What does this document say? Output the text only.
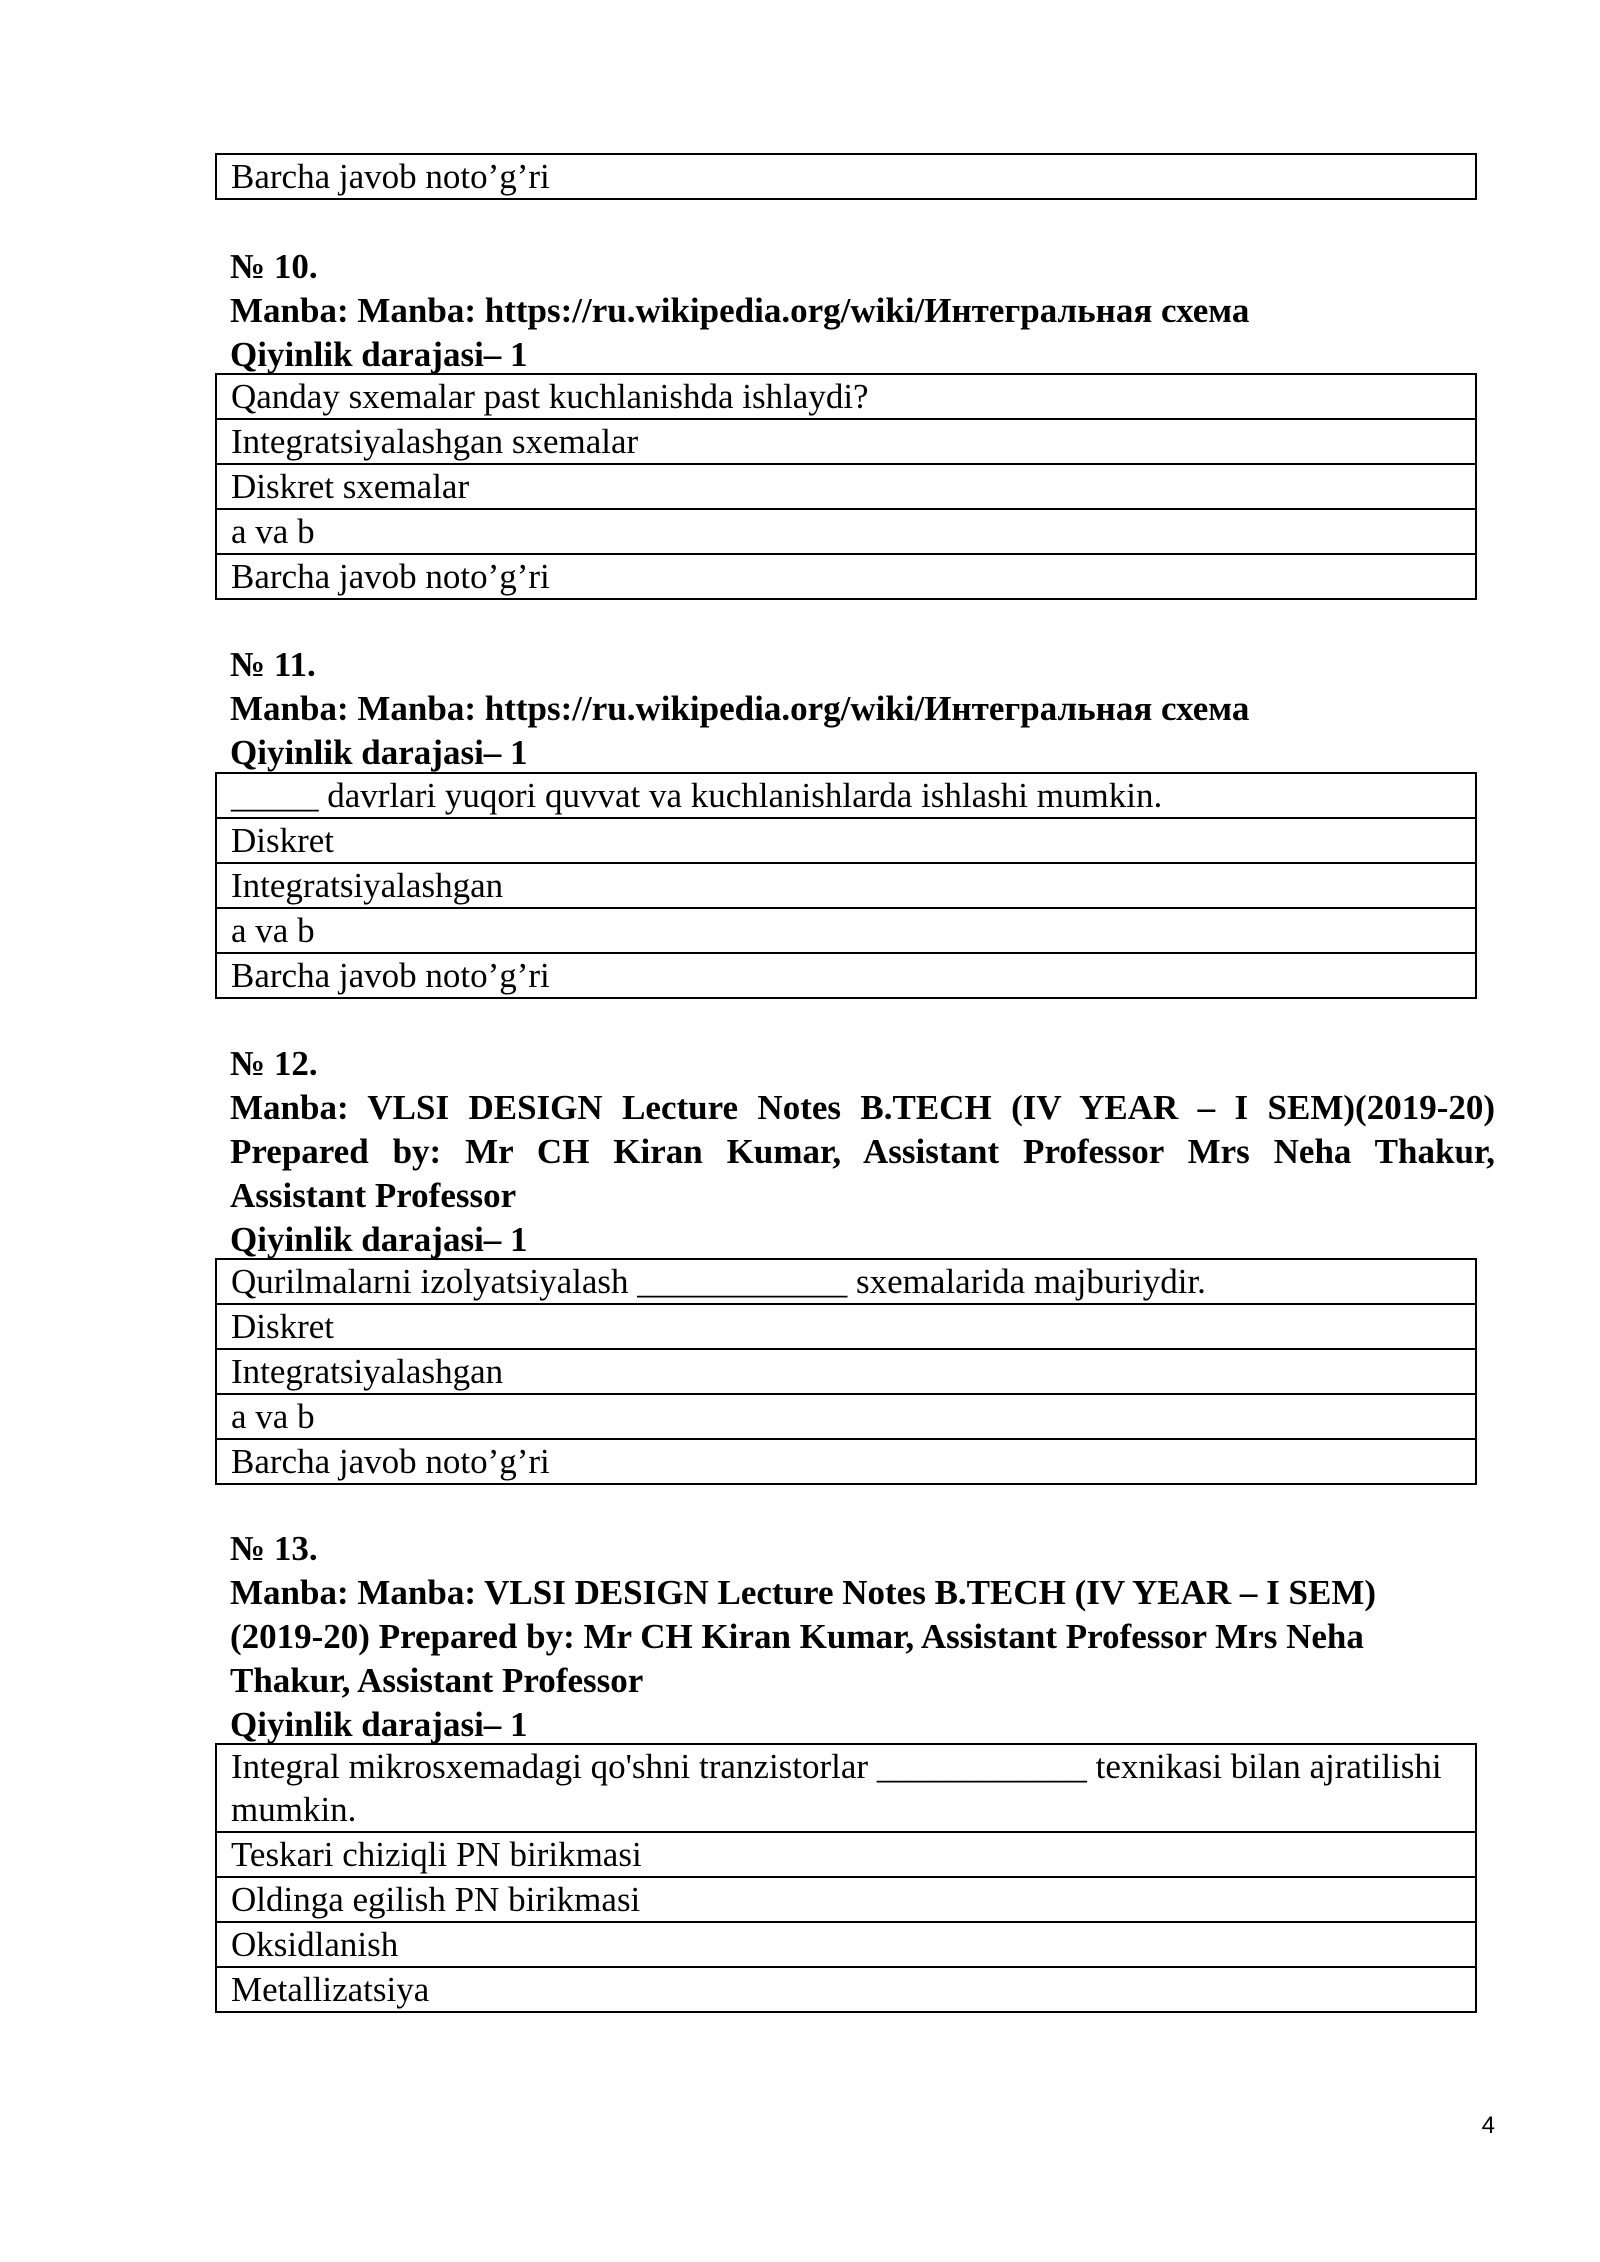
Barcha javob noto’g’ri
№ 10.
Manba: Manba: https://ru.wikipedia.org/wiki/Интегральная схема
Qiyinlik darajasi– 1
Qanday sxemalar past kuchlanishda ishlaydi?
Integratsiyalashgan sxemalar
Diskret sxemalar
a va b
Barcha javob noto’g’ri
№ 11.
Manba: Manba: https://ru.wikipedia.org/wiki/Интегральная схема
Qiyinlik darajasi– 1
_____ davrlari yuqori quvvat va kuchlanishlarda ishlashi mumkin.
Diskret
Integratsiyalashgan
a va b
Barcha javob noto’g’ri
№ 12.
Manba: VLSI DESIGN Lecture Notes B.TECH (IV YEAR – I SEM)(2019-20)
Prepared by: Mr CH Kiran Kumar, Assistant Professor Mrs Neha Thakur,
Assistant Professor
Qiyinlik darajasi– 1
Qurilmalarni izolyatsiyalash ____________ sxemalarida majburiydir.
Diskret
Integratsiyalashgan
a va b
Barcha javob noto’g’ri
№ 13.
Manba: Manba: VLSI DESIGN Lecture Notes B.TECH (IV YEAR – I SEM)
(2019-20) Prepared by: Mr CH Kiran Kumar, Assistant Professor Mrs Neha
Thakur, Assistant Professor
Qiyinlik darajasi– 1
Integral mikrosxemadagi qo'shni tranzistorlar ____________ texnikasi bilan ajratilishi mumkin.
Teskari chiziqli PN birikmasi
Oldinga egilish PN birikmasi
Oksidlanish
Metallizatsiya
4
